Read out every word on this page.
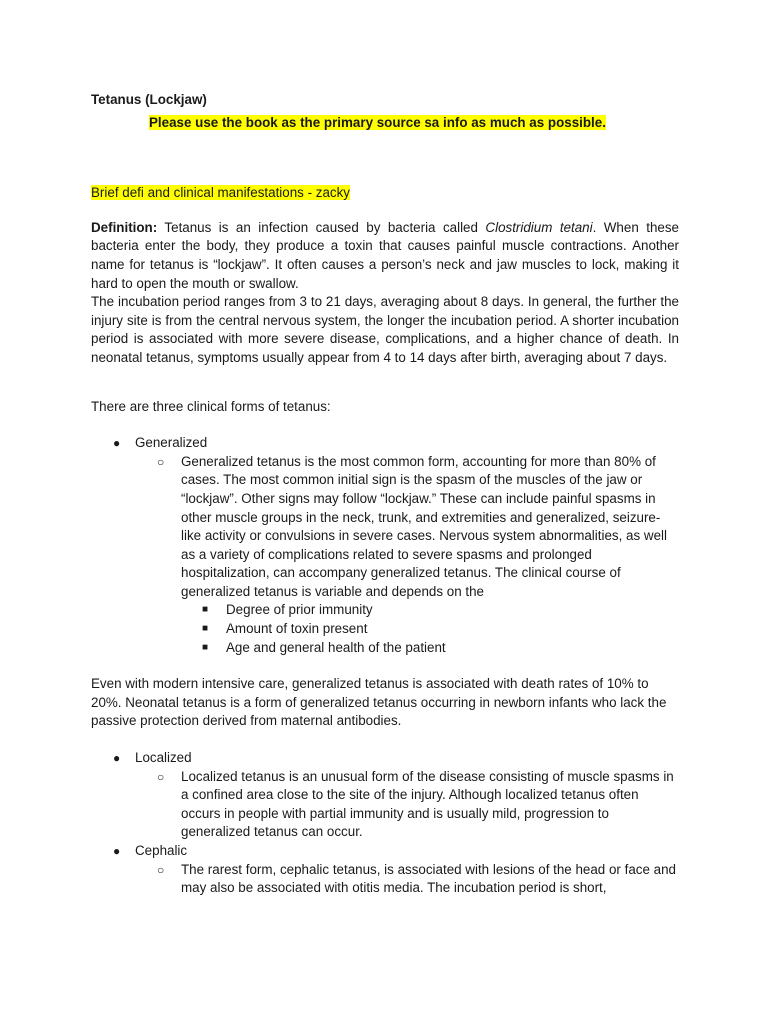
Tetanus (Lockjaw)

Please use the book as the primary source sa info as much as possible.

Brief defi and clinical manifestations - zacky

Definition: Tetanus is an infection caused by bacteria called Clostridium tetani. When these bacteria enter the body, they produce a toxin that causes painful muscle contractions. Another name for tetanus is “lockjaw”. It often causes a person’s neck and jaw muscles to lock, making it hard to open the mouth or swallow.

The incubation period ranges from 3 to 21 days, averaging about 8 days. In general, the further the injury site is from the central nervous system, the longer the incubation period. A shorter incubation period is associated with more severe disease, complications, and a higher chance of death. In neonatal tetanus, symptoms usually appear from 4 to 14 days after birth, averaging about 7 days.

There are three clinical forms of tetanus:

● Generalized
○ Generalized tetanus is the most common form, accounting for more than 80% of cases. The most common initial sign is the spasm of the muscles of the jaw or “lockjaw”. Other signs may follow “lockjaw.” These can include painful spasms in other muscle groups in the neck, trunk, and extremities and generalized, seizure-like activity or convulsions in severe cases. Nervous system abnormalities, as well as a variety of complications related to severe spasms and prolonged hospitalization, can accompany generalized tetanus. The clinical course of generalized tetanus is variable and depends on the
■ Degree of prior immunity
■ Amount of toxin present
■ Age and general health of the patient

Even with modern intensive care, generalized tetanus is associated with death rates of 10% to 20%. Neonatal tetanus is a form of generalized tetanus occurring in newborn infants who lack the passive protection derived from maternal antibodies.

● Localized
○ Localized tetanus is an unusual form of the disease consisting of muscle spasms in a confined area close to the site of the injury. Although localized tetanus often occurs in people with partial immunity and is usually mild, progression to generalized tetanus can occur.
● Cephalic
○ The rarest form, cephalic tetanus, is associated with lesions of the head or face and may also be associated with otitis media. The incubation period is short,
